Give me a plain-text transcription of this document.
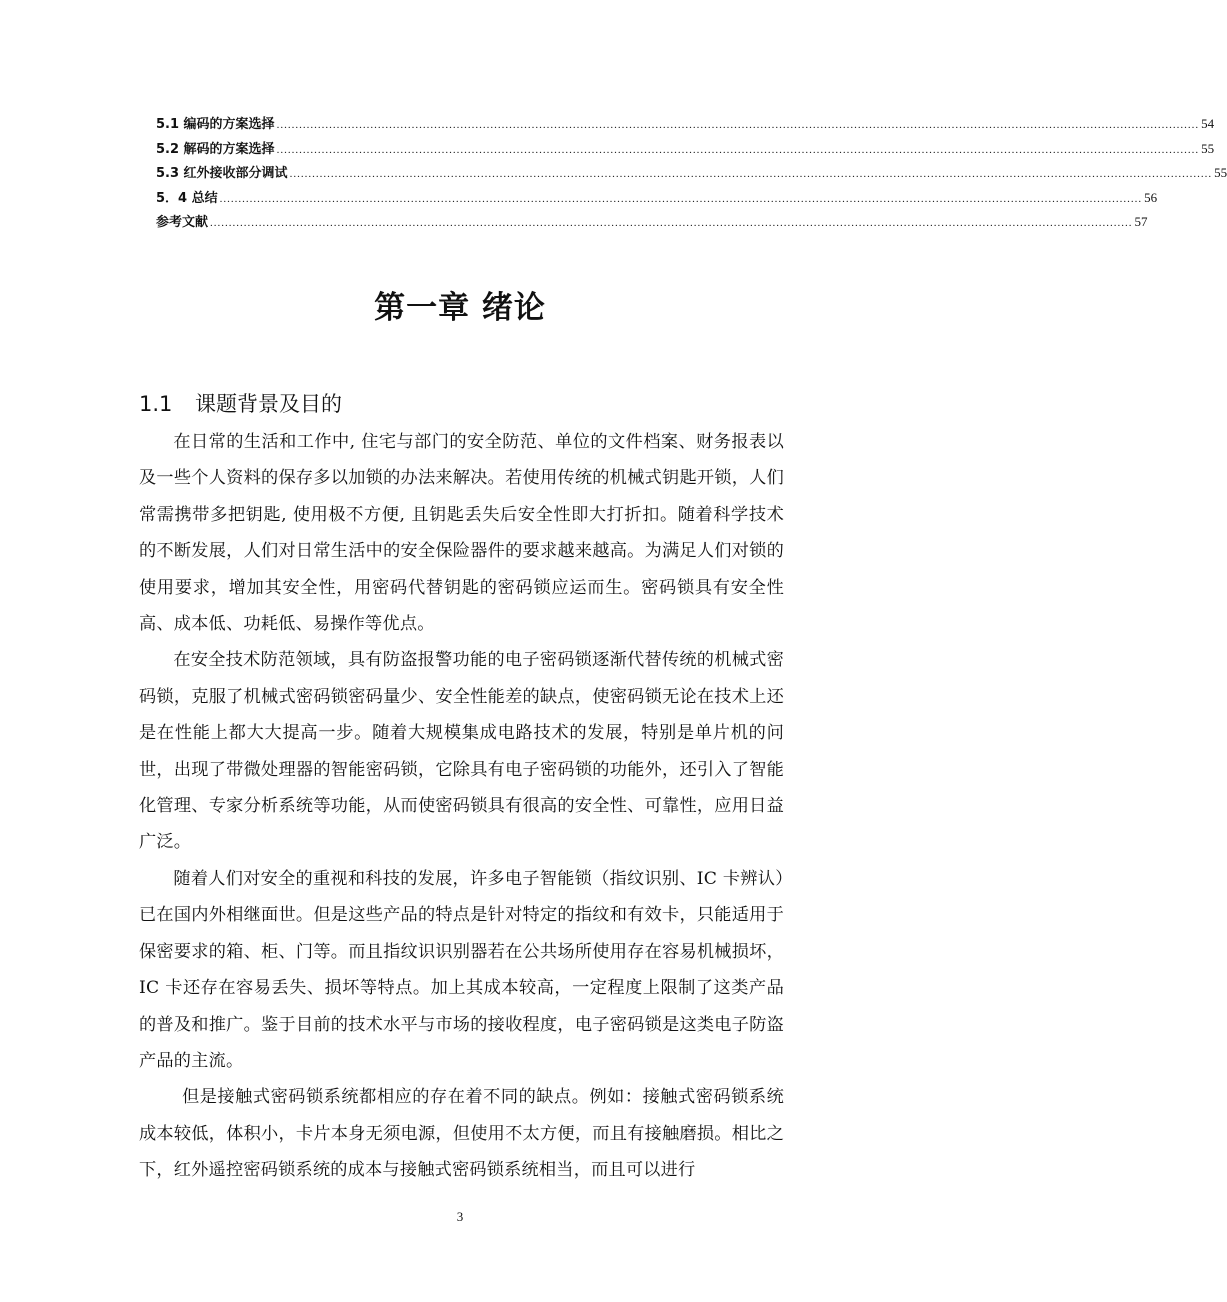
5.1 编码的方案选择 ...................................................................................................................................................................................................................................................... 54
5.2 解码的方案选择 ...................................................................................................................................................................................................................................................... 55
5.3 红外接收部分调试 ...................................................................................................................................................................................................................................................... 55
5．4 总结 ...................................................................................................................................................................................................................................................... 56
参考文献 ...................................................................................................................................................................................................................................................... 57
第一章 绪论
1.1 课题背景及目的

在日常的生活和工作中, 住宅与部门的安全防范、单位的文件档案、财务报表以及一些个人资料的保存多以加锁的办法来解决。若使用传统的机械式钥匙开锁，人们常需携带多把钥匙, 使用极不方便, 且钥匙丢失后安全性即大打折扣。随着科学技术的不断发展，人们对日常生活中的安全保险器件的要求越来越高。为满足人们对锁的使用要求，增加其安全性，用密码代替钥匙的密码锁应运而生。密码锁具有安全性高、成本低、功耗低、易操作等优点。

在安全技术防范领域，具有防盗报警功能的电子密码锁逐渐代替传统的机械式密码锁，克服了机械式密码锁密码量少、安全性能差的缺点，使密码锁无论在技术上还是在性能上都大大提高一步。随着大规模集成电路技术的发展，特别是单片机的问世，出现了带微处理器的智能密码锁，它除具有电子密码锁的功能外，还引入了智能化管理、专家分析系统等功能，从而使密码锁具有很高的安全性、可靠性，应用日益广泛。

随着人们对安全的重视和科技的发展，许多电子智能锁（指纹识别、IC 卡辨认）已在国内外相继面世。但是这些产品的特点是针对特定的指纹和有效卡，只能适用于保密要求的箱、柜、门等。而且指纹识识别器若在公共场所使用存在容易机械损坏，IC 卡还存在容易丢失、损坏等特点。加上其成本较高，一定程度上限制了这类产品的普及和推广。鉴于目前的技术水平与市场的接收程度，电子密码锁是这类电子防盗产品的主流。

但是接触式密码锁系统都相应的存在着不同的缺点。例如：接触式密码锁系统成本较低，体积小，卡片本身无须电源，但使用不太方便，而且有接触磨损。相比之下，红外遥控密码锁系统的成本与接触式密码锁系统相当，而且可以进行

3
